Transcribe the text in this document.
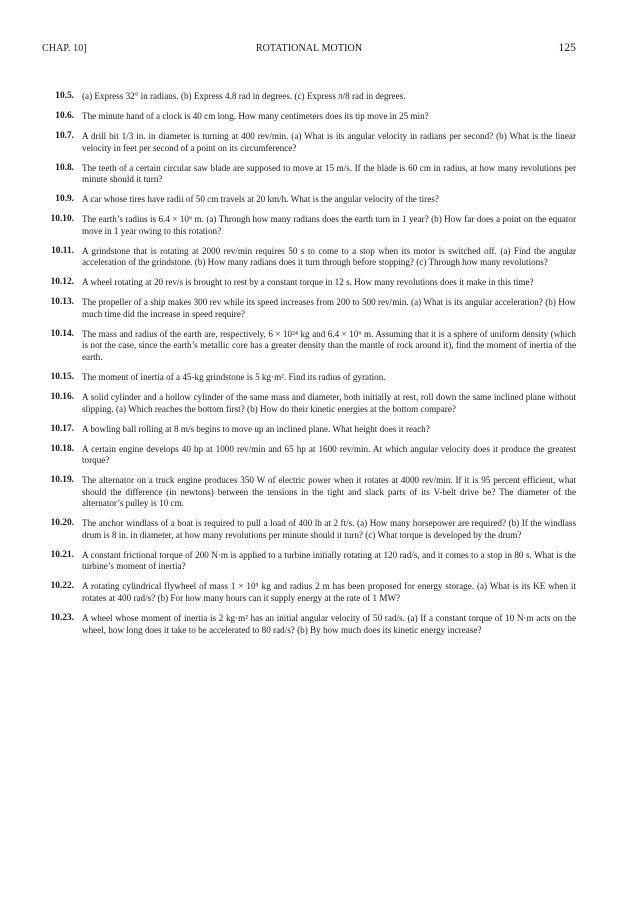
CHAP. 10]	ROTATIONAL MOTION	125
10.5. (a) Express 32° in radians. (b) Express 4.8 rad in degrees. (c) Express π/8 rad in degrees.
10.6. The minute hand of a clock is 40 cm long. How many centimeters does its tip move in 25 min?
10.7. A drill bit 1/3 in. in diameter is turning at 400 rev/min. (a) What is its angular velocity in radians per second? (b) What is the linear velocity in feet per second of a point on its circumference?
10.8. The teeth of a certain circular saw blade are supposed to move at 15 m/s. If the blade is 60 cm in radius, at how many revolutions per minute should it turn?
10.9. A car whose tires have radii of 50 cm travels at 20 km/h. What is the angular velocity of the tires?
10.10. The earth’s radius is 6.4 × 10⁶ m. (a) Through how many radians does the earth turn in 1 year? (b) How far does a point on the equator move in 1 year owing to this rotation?
10.11. A grindstone that is rotating at 2000 rev/min requires 50 s to come to a stop when its motor is switched off. (a) Find the angular acceleration of the grindstone. (b) How many radians does it turn through before stopping? (c) Through how many revolutions?
10.12. A wheel rotating at 20 rev/s is brought to rest by a constant torque in 12 s. How many revolutions does it make in this time?
10.13. The propeller of a ship makes 300 rev while its speed increases from 200 to 500 rev/min. (a) What is its angular acceleration? (b) How much time did the increase in speed require?
10.14. The mass and radius of the earth are, respectively, 6 × 10²⁴ kg and 6.4 × 10⁶ m. Assuming that it is a sphere of uniform density (which is not the case, since the earth’s metallic core has a greater density than the mantle of rock around it), find the moment of inertia of the earth.
10.15. The moment of inertia of a 45-kg grindstone is 5 kg·m². Find its radius of gyration.
10.16. A solid cylinder and a hollow cylinder of the same mass and diameter, both initially at rest, roll down the same inclined plane without slipping. (a) Which reaches the bottom first? (b) How do their kinetic energies at the bottom compare?
10.17. A bowling ball rolling at 8 m/s begins to move up an inclined plane. What height does it reach?
10.18. A certain engine develops 40 hp at 1000 rev/min and 65 hp at 1600 rev/min. At which angular velocity does it produce the greatest torque?
10.19. The alternator on a truck engine produces 350 W of electric power when it rotates at 4000 rev/min. If it is 95 percent efficient, what should the difference (in newtons) between the tensions in the tight and slack parts of its V-belt drive be? The diameter of the alternator’s pulley is 10 cm.
10.20. The anchor windlass of a boat is required to pull a load of 400 lb at 2 ft/s. (a) How many horsepower are required? (b) If the windlass drum is 8 in. in diameter, at how many revolutions per minute should it turn? (c) What torque is developed by the drum?
10.21. A constant frictional torque of 200 N·m is applied to a turbine initially rotating at 120 rad/s, and it comes to a stop in 80 s. What is the turbine’s moment of inertia?
10.22. A rotating cylindrical flywheel of mass 1 × 10⁵ kg and radius 2 m has been proposed for energy storage. (a) What is its KE when it rotates at 400 rad/s? (b) For how many hours can it supply energy at the rate of 1 MW?
10.23. A wheel whose moment of inertia is 2 kg·m² has an initial angular velocity of 50 rad/s. (a) If a constant torque of 10 N·m acts on the wheel, how long does it take to be accelerated to 80 rad/s? (b) By how much does its kinetic energy increase?
